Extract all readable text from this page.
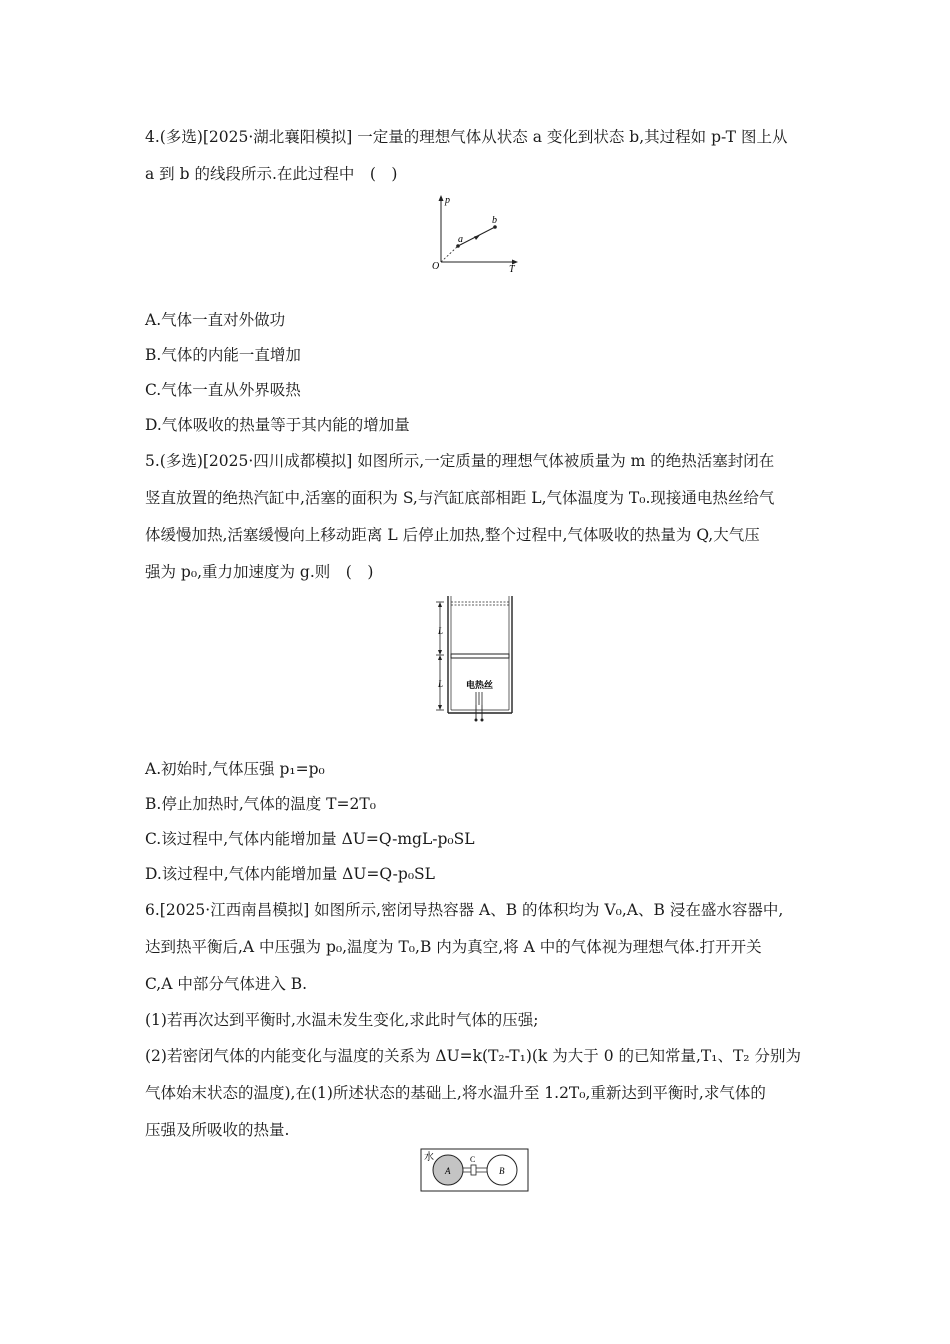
4.(多选)[2025·湖北襄阳模拟] 一定量的理想气体从状态 a 变化到状态 b,其过程如 p-T 图上从
a 到 b 的线段所示.在此过程中　(　)
p
T
O
a
b
A.气体一直对外做功
B.气体的内能一直增加
C.气体一直从外界吸热
D.气体吸收的热量等于其内能的增加量
5.(多选)[2025·四川成都模拟] 如图所示,一定质量的理想气体被质量为 m 的绝热活塞封闭在
竖直放置的绝热汽缸中,活塞的面积为 S,与汽缸底部相距 L,气体温度为 T₀.现接通电热丝给气
体缓慢加热,活塞缓慢向上移动距离 L 后停止加热,整个过程中,气体吸收的热量为 Q,大气压
强为 p₀,重力加速度为 g.则　(　)
L
L	电热丝
A.初始时,气体压强 p₁=p₀
B.停止加热时,气体的温度 T=2T₀
C.该过程中,气体内能增加量 ΔU=Q-mgL-p₀SL
D.该过程中,气体内能增加量 ΔU=Q-p₀SL
6.[2025·江西南昌模拟] 如图所示,密闭导热容器 A、B 的体积均为 V₀,A、B 浸在盛水容器中,
达到热平衡后,A 中压强为 p₀,温度为 T₀,B 内为真空,将 A 中的气体视为理想气体.打开开关
C,A 中部分气体进入 B.
(1)若再次达到平衡时,水温未发生变化,求此时气体的压强;
(2)若密闭气体的内能变化与温度的关系为 ΔU=k(T₂-T₁)(k 为大于 0 的已知常量,T₁、T₂ 分别为
气体始末状态的温度),在(1)所述状态的基础上,将水温升至 1.2T₀,重新达到平衡时,求气体的
压强及所吸收的热量.
水	C
A	B
